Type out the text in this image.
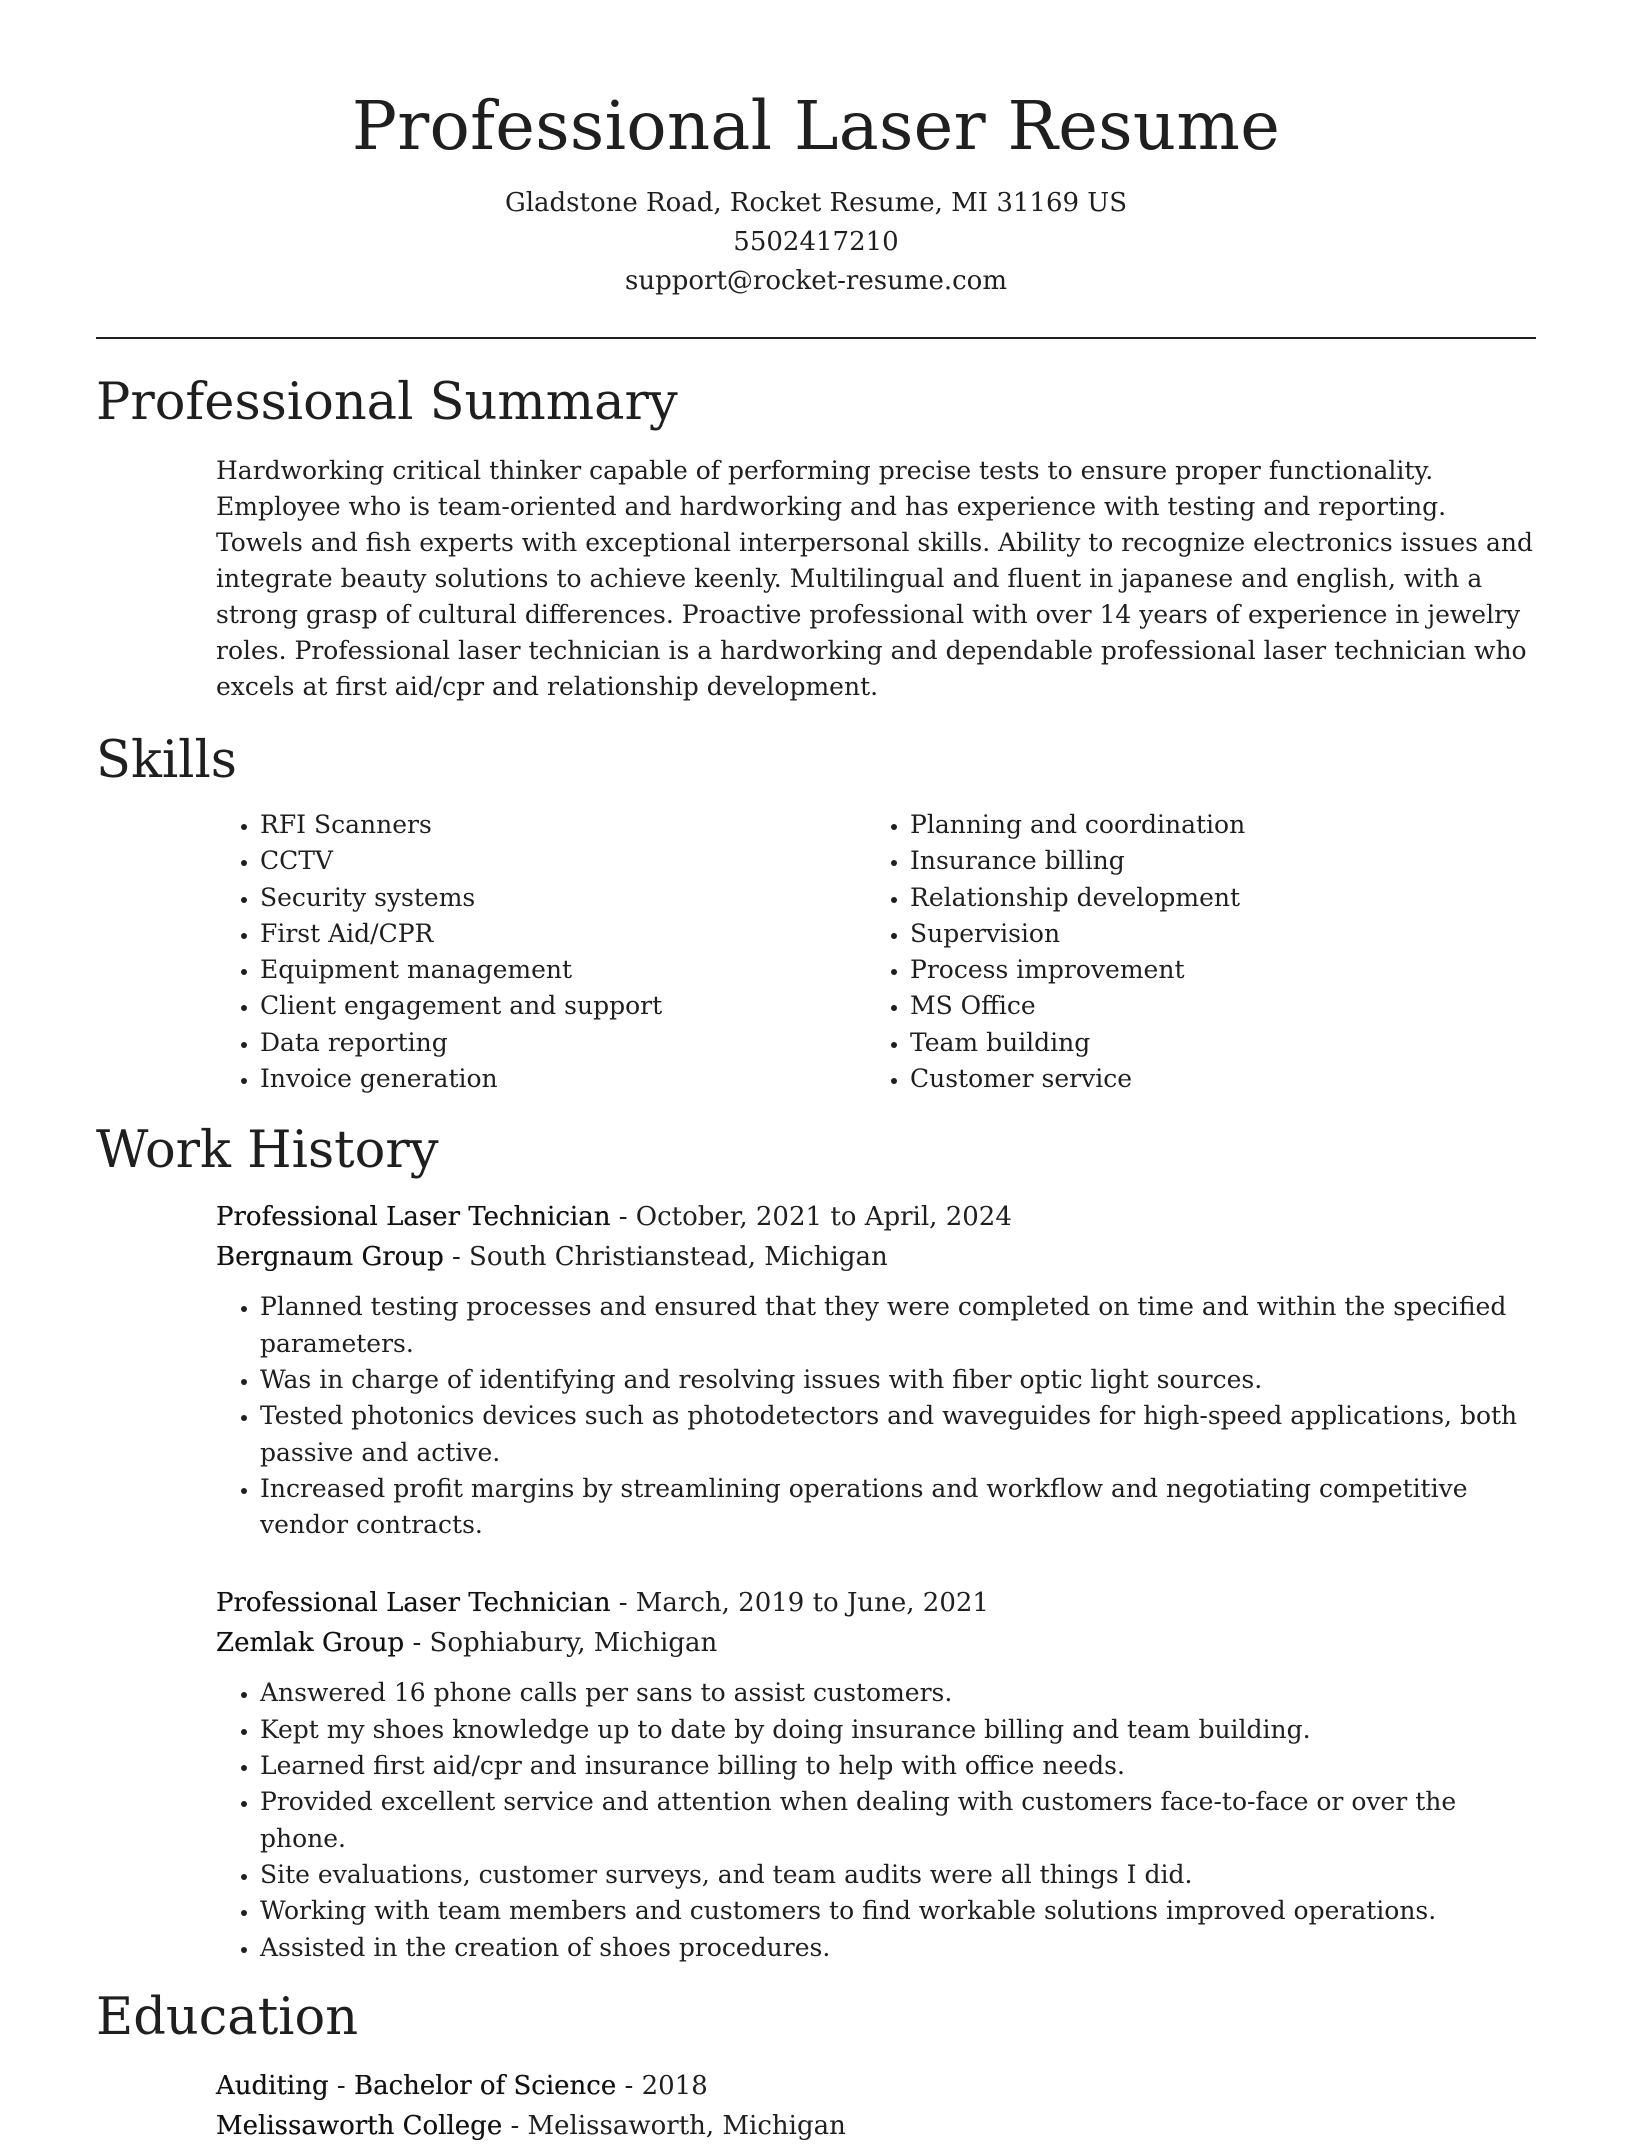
Professional Laser Resume
Gladstone Road, Rocket Resume, MI 31169 US
5502417210
support@rocket-resume.com
Professional Summary

Hardworking critical thinker capable of performing precise tests to ensure proper functionality. Employee who is team-oriented and hardworking and has experience with testing and reporting. Towels and fish experts with exceptional interpersonal skills. Ability to recognize electronics issues and integrate beauty solutions to achieve keenly. Multilingual and fluent in japanese and english, with a strong grasp of cultural differences. Proactive professional with over 14 years of experience in jewelry roles. Professional laser technician is a hardworking and dependable professional laser technician who excels at first aid/cpr and relationship development.

Skills
• RFI Scanners
• CCTV
• Security systems
• First Aid/CPR
• Equipment management
• Client engagement and support
• Data reporting
• Invoice generation
• Planning and coordination
• Insurance billing
• Relationship development
• Supervision
• Process improvement
• MS Office
• Team building
• Customer service
Work History
Professional Laser Technician - October, 2021 to April, 2024
Bergnaum Group - South Christianstead, Michigan
• Planned testing processes and ensured that they were completed on time and within the specified parameters.
• Was in charge of identifying and resolving issues with fiber optic light sources.
• Tested photonics devices such as photodetectors and waveguides for high-speed applications, both passive and active.
• Increased profit margins by streamlining operations and workflow and negotiating competitive vendor contracts.
Professional Laser Technician - March, 2019 to June, 2021
Zemlak Group - Sophiabury, Michigan
• Answered 16 phone calls per sans to assist customers.
• Kept my shoes knowledge up to date by doing insurance billing and team building.
• Learned first aid/cpr and insurance billing to help with office needs.
• Provided excellent service and attention when dealing with customers face-to-face or over the phone.
• Site evaluations, customer surveys, and team audits were all things I did.
• Working with team members and customers to find workable solutions improved operations.
• Assisted in the creation of shoes procedures.
Education
Auditing - Bachelor of Science - 2018
Melissaworth College - Melissaworth, Michigan
